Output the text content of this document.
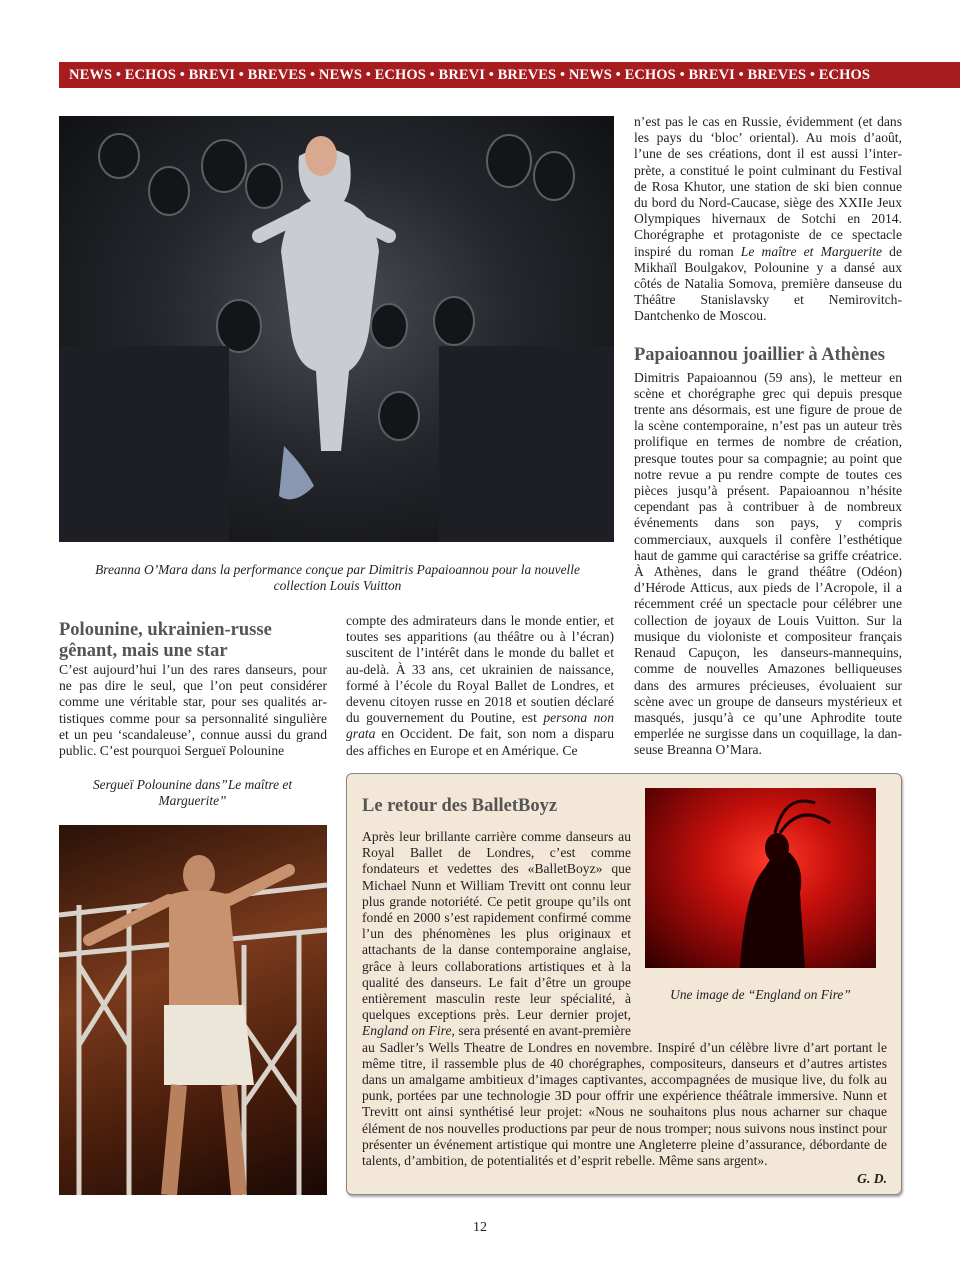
NEWS • ECHOS • BREVI • BREVES • NEWS • ECHOS • BREVI • BREVES • NEWS • ECHOS • BREVI • BREVES • ECHOS
Breanna O’Mara dans la performance conçue par Dimitris Papaioannou pour la nouvelle collection Louis Vuitton

n’est pas le cas en Russie, évidemment (et dans les pays du ‘bloc’ oriental). Au mois d’août, l’une de ses créations, dont il est aussi l’interprète, a constitué le point culminant du Festival de Rosa Khutor, une station de ski bien connue du bord du Nord-Caucase, siège des XXIIe Jeux Olympiques hivernaux de Sotchi en 2014. Chorégraphe et protagoniste de ce spectacle inspiré du roman Le maître et Marguerite de Mikhaïl Boulgakov, Polounine y a dansé aux côtés de Natalia Somova, première danseuse du Théâtre Stanislavsky et Nemirovitch-Dantchenko de Moscou.

Papaioannou joaillier à Athènes

Dimitris Papaioannou (59 ans), le metteur en scène et chorégraphe grec qui depuis presque trente ans désormais, est une figure de proue de la scène contemporaine, n’est pas un auteur très prolifique en termes de nombre de création, presque toutes pour sa compagnie; au point que notre revue a pu rendre compte de toutes ces pièces jusqu’à présent. Papaioannou n’hésite cependant pas à contribuer à de nombreux événements dans son pays, y compris commerciaux, auxquels il confère l’esthétique haut de gamme qui caractérise sa griffe créatrice. À Athènes, dans le grand théâtre (Odéon) d’Hérode Atticus, aux pieds de l’Acropole, il a récemment créé un spectacle pour célébrer une collection de joyaux de Louis Vuitton. Sur la musique du violoniste et compositeur français Renaud Capuçon, les danseurs-mannequins, comme de nouvelles Amazones belliqueuses dans des armures précieuses, évoluaient sur scène avec un groupe de danseurs mystérieux et masqués, jusqu’à ce qu’une Aphrodite toute emperlée ne surgisse dans un coquillage, la danseuse Breanna O’Mara.

Polounine, ukrainien-russe gênant, mais une star

C’est aujourd’hui l’un des rares danseurs, pour ne pas dire le seul, que l’on peut considérer comme une véritable star, pour ses qualités artistiques comme pour sa personnalité singulière et un peu ‘scandaleuse’, connue aussi du grand public. C’est pourquoi Sergueï Polounine

compte des admirateurs dans le monde entier, et toutes ses apparitions (au théâtre ou à l’écran) suscitent de l’intérêt dans le monde du ballet et au-delà. À 33 ans, cet ukrainien de naissance, formé à l’école du Royal Ballet de Londres, et devenu citoyen russe en 2018 et soutien déclaré du gouvernement du Poutine, est persona non grata en Occident. De fait, son nom a disparu des affiches en Europe et en Amérique. Ce

Sergueï Polounine dans”Le maître et Marguerite”
Une image de “England on Fire”
Le retour des BalletBoyz

Après leur brillante carrière comme danseurs au Royal Ballet de Londres, c’est comme fondateurs et vedettes des «BalletBoyz» que Michael Nunn et William Trevitt ont connu leur plus grande notoriété. Ce petit groupe qu’ils ont fondé en 2000 s’est rapidement confirmé comme l’un des phénomènes les plus originaux et attachants de la danse contemporaine anglaise, grâce à leurs collaborations artistiques et à la qualité des danseurs. Le fait d’être un groupe entièrement masculin reste leur spécialité, à quelques exceptions près. Leur dernier projet, England on Fire, sera présenté en avant-première au Sadler’s Wells Theatre de Londres en novembre. Inspiré d’un célèbre livre d’art portant le même titre, il rassemble plus de 40 chorégraphes, compositeurs, danseurs et d’autres artistes dans un amalgame ambitieux d’images captivantes, accompagnées de musique live, du folk au punk, portées par une technologie 3D pour offrir une expérience théâtrale immersive. Nunn et Trevitt ont ainsi synthétisé leur projet: «Nous ne souhaitons plus nous acharner sur chaque élément de nos nouvelles productions par peur de nous tromper; nous suivons nous instinct pour présenter un événement artistique qui montre une Angleterre pleine d’assurance, débordante de talents, d’ambition, de potentialités et d’esprit rebelle. Même sans argent».

G. D.
12
